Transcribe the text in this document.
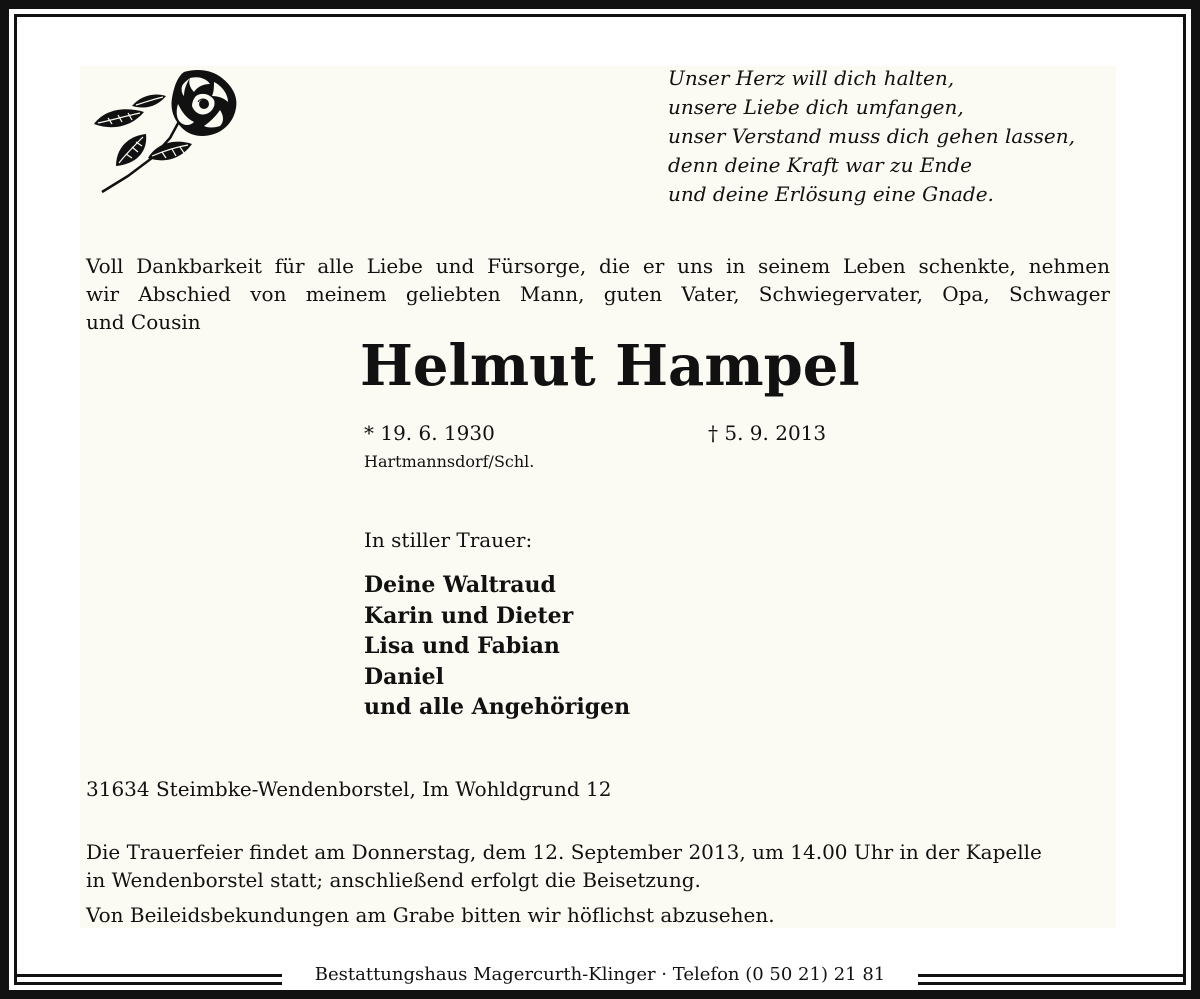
Unser Herz will dich halten,
unsere Liebe dich umfangen,
unser Verstand muss dich gehen lassen,
denn deine Kraft war zu Ende
und deine Erlösung eine Gnade.
Voll Dankbarkeit für alle Liebe und Fürsorge, die er uns in seinem Leben schenkte, nehmen
wir Abschied von meinem geliebten Mann, guten Vater, Schwiegervater, Opa, Schwager
und Cousin
Helmut Hampel
* 19. 6. 1930	† 5. 9. 2013
Hartmannsdorf/Schl.
In stiller Trauer:
Deine Waltraud
Karin und Dieter
Lisa und Fabian
Daniel
und alle Angehörigen
31634 Steimbke-Wendenborstel, Im Wohldgrund 12
Die Trauerfeier findet am Donnerstag, dem 12. September 2013, um 14.00 Uhr in der Kapelle
in Wendenborstel statt; anschließend erfolgt die Beisetzung.
Von Beileidsbekundungen am Grabe bitten wir höflichst abzusehen.
Bestattungshaus Magercurth-Klinger · Telefon (0 50 21) 21 81
